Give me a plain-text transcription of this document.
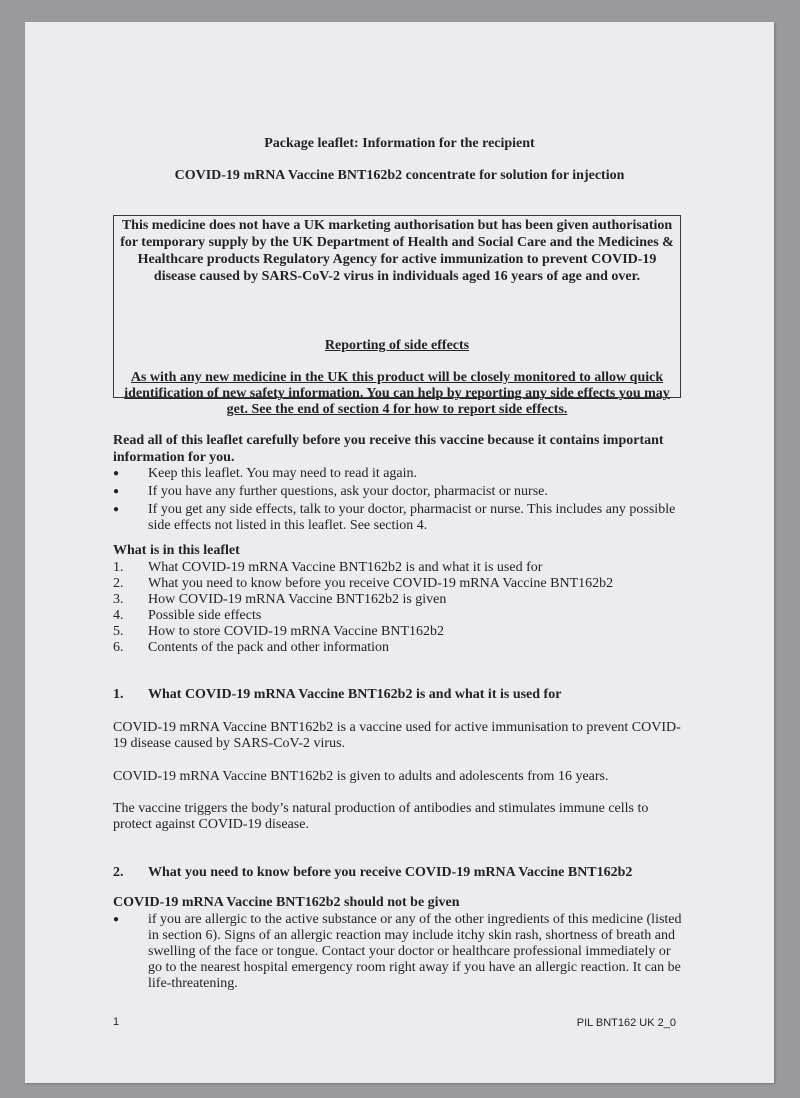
Package leaflet: Information for the recipient
COVID-19 mRNA Vaccine BNT162b2 concentrate for solution for injection
This medicine does not have a UK marketing authorisation but has been given authorisation for temporary supply by the UK Department of Health and Social Care and the Medicines & Healthcare products Regulatory Agency for active immunization to prevent COVID-19 disease caused by SARS-CoV-2 virus in individuals aged 16 years of age and over.
Reporting of side effects
As with any new medicine in the UK this product will be closely monitored to allow quick identification of new safety information. You can help by reporting any side effects you may get. See the end of section 4 for how to report side effects.
Read all of this leaflet carefully before you receive this vaccine because it contains important information for you.
● Keep this leaflet. You may need to read it again.
● If you have any further questions, ask your doctor, pharmacist or nurse.
● If you get any side effects, talk to your doctor, pharmacist or nurse. This includes any possible side effects not listed in this leaflet. See section 4.
What is in this leaflet
1.	What COVID-19 mRNA Vaccine BNT162b2 is and what it is used for
2.	What you need to know before you receive COVID-19 mRNA Vaccine BNT162b2
3.	How COVID-19 mRNA Vaccine BNT162b2 is given
4.	Possible side effects
5.	How to store COVID-19 mRNA Vaccine BNT162b2
6.	Contents of the pack and other information
1.	What COVID-19 mRNA Vaccine BNT162b2 is and what it is used for
COVID-19 mRNA Vaccine BNT162b2 is a vaccine used for active immunisation to prevent COVID-19 disease caused by SARS-CoV-2 virus.
COVID-19 mRNA Vaccine BNT162b2 is given to adults and adolescents from 16 years.
The vaccine triggers the body’s natural production of antibodies and stimulates immune cells to protect against COVID-19 disease.
2.	What you need to know before you receive COVID-19 mRNA Vaccine BNT162b2
COVID-19 mRNA Vaccine BNT162b2 should not be given
● if you are allergic to the active substance or any of the other ingredients of this medicine (listed in section 6). Signs of an allergic reaction may include itchy skin rash, shortness of breath and swelling of the face or tongue. Contact your doctor or healthcare professional immediately or go to the nearest hospital emergency room right away if you have an allergic reaction. It can be life-threatening.
1	PIL BNT162 UK 2_0
